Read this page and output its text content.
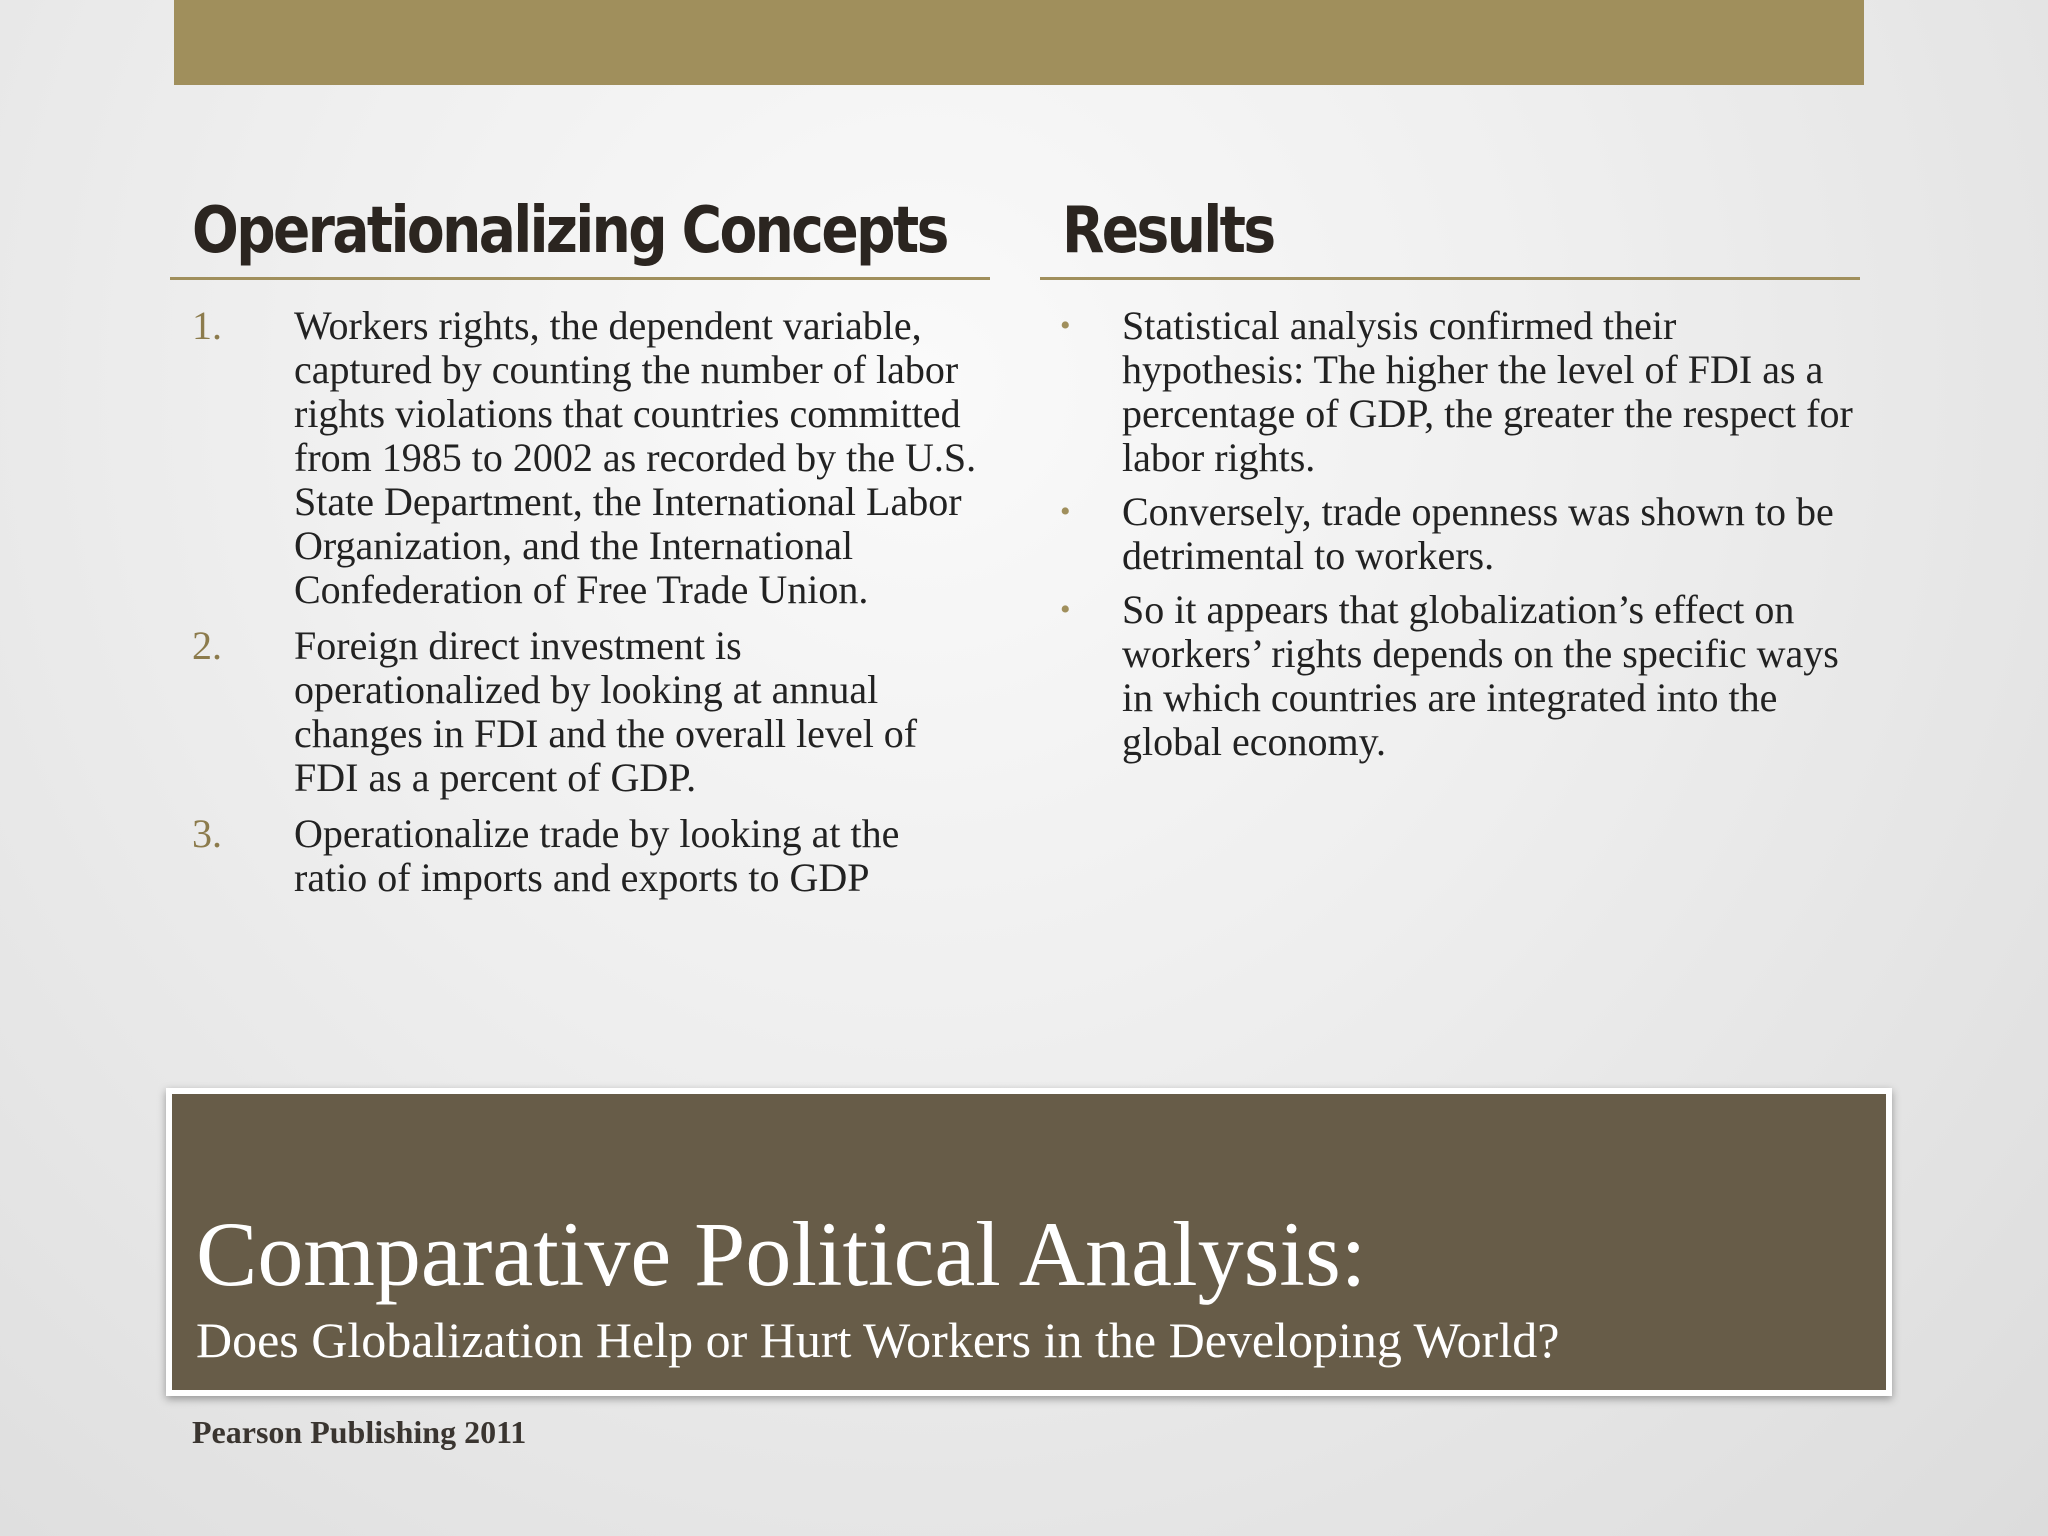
Operationalizing Concepts Results
1. Workers rights, the dependent variable, captured by counting the number of labor rights violations that countries committed from 1985 to 2002 as recorded by the U.S. State Department, the International Labor Organization, and the International Confederation of Free Trade Union.
2. Foreign direct investment is operationalized by looking at annual changes in FDI and the overall level of FDI as a percent of GDP.
3. Operationalize trade by looking at the ratio of imports and exports to GDP
• Statistical analysis confirmed their hypothesis: The higher the level of FDI as a percentage of GDP, the greater the respect for labor rights.
• Conversely, trade openness was shown to be detrimental to workers.
• So it appears that globalization’s effect on workers’ rights depends on the specific ways in which countries are integrated into the global economy.
Comparative Political Analysis:
Does Globalization Help or Hurt Workers in the Developing World?
Pearson Publishing 2011
